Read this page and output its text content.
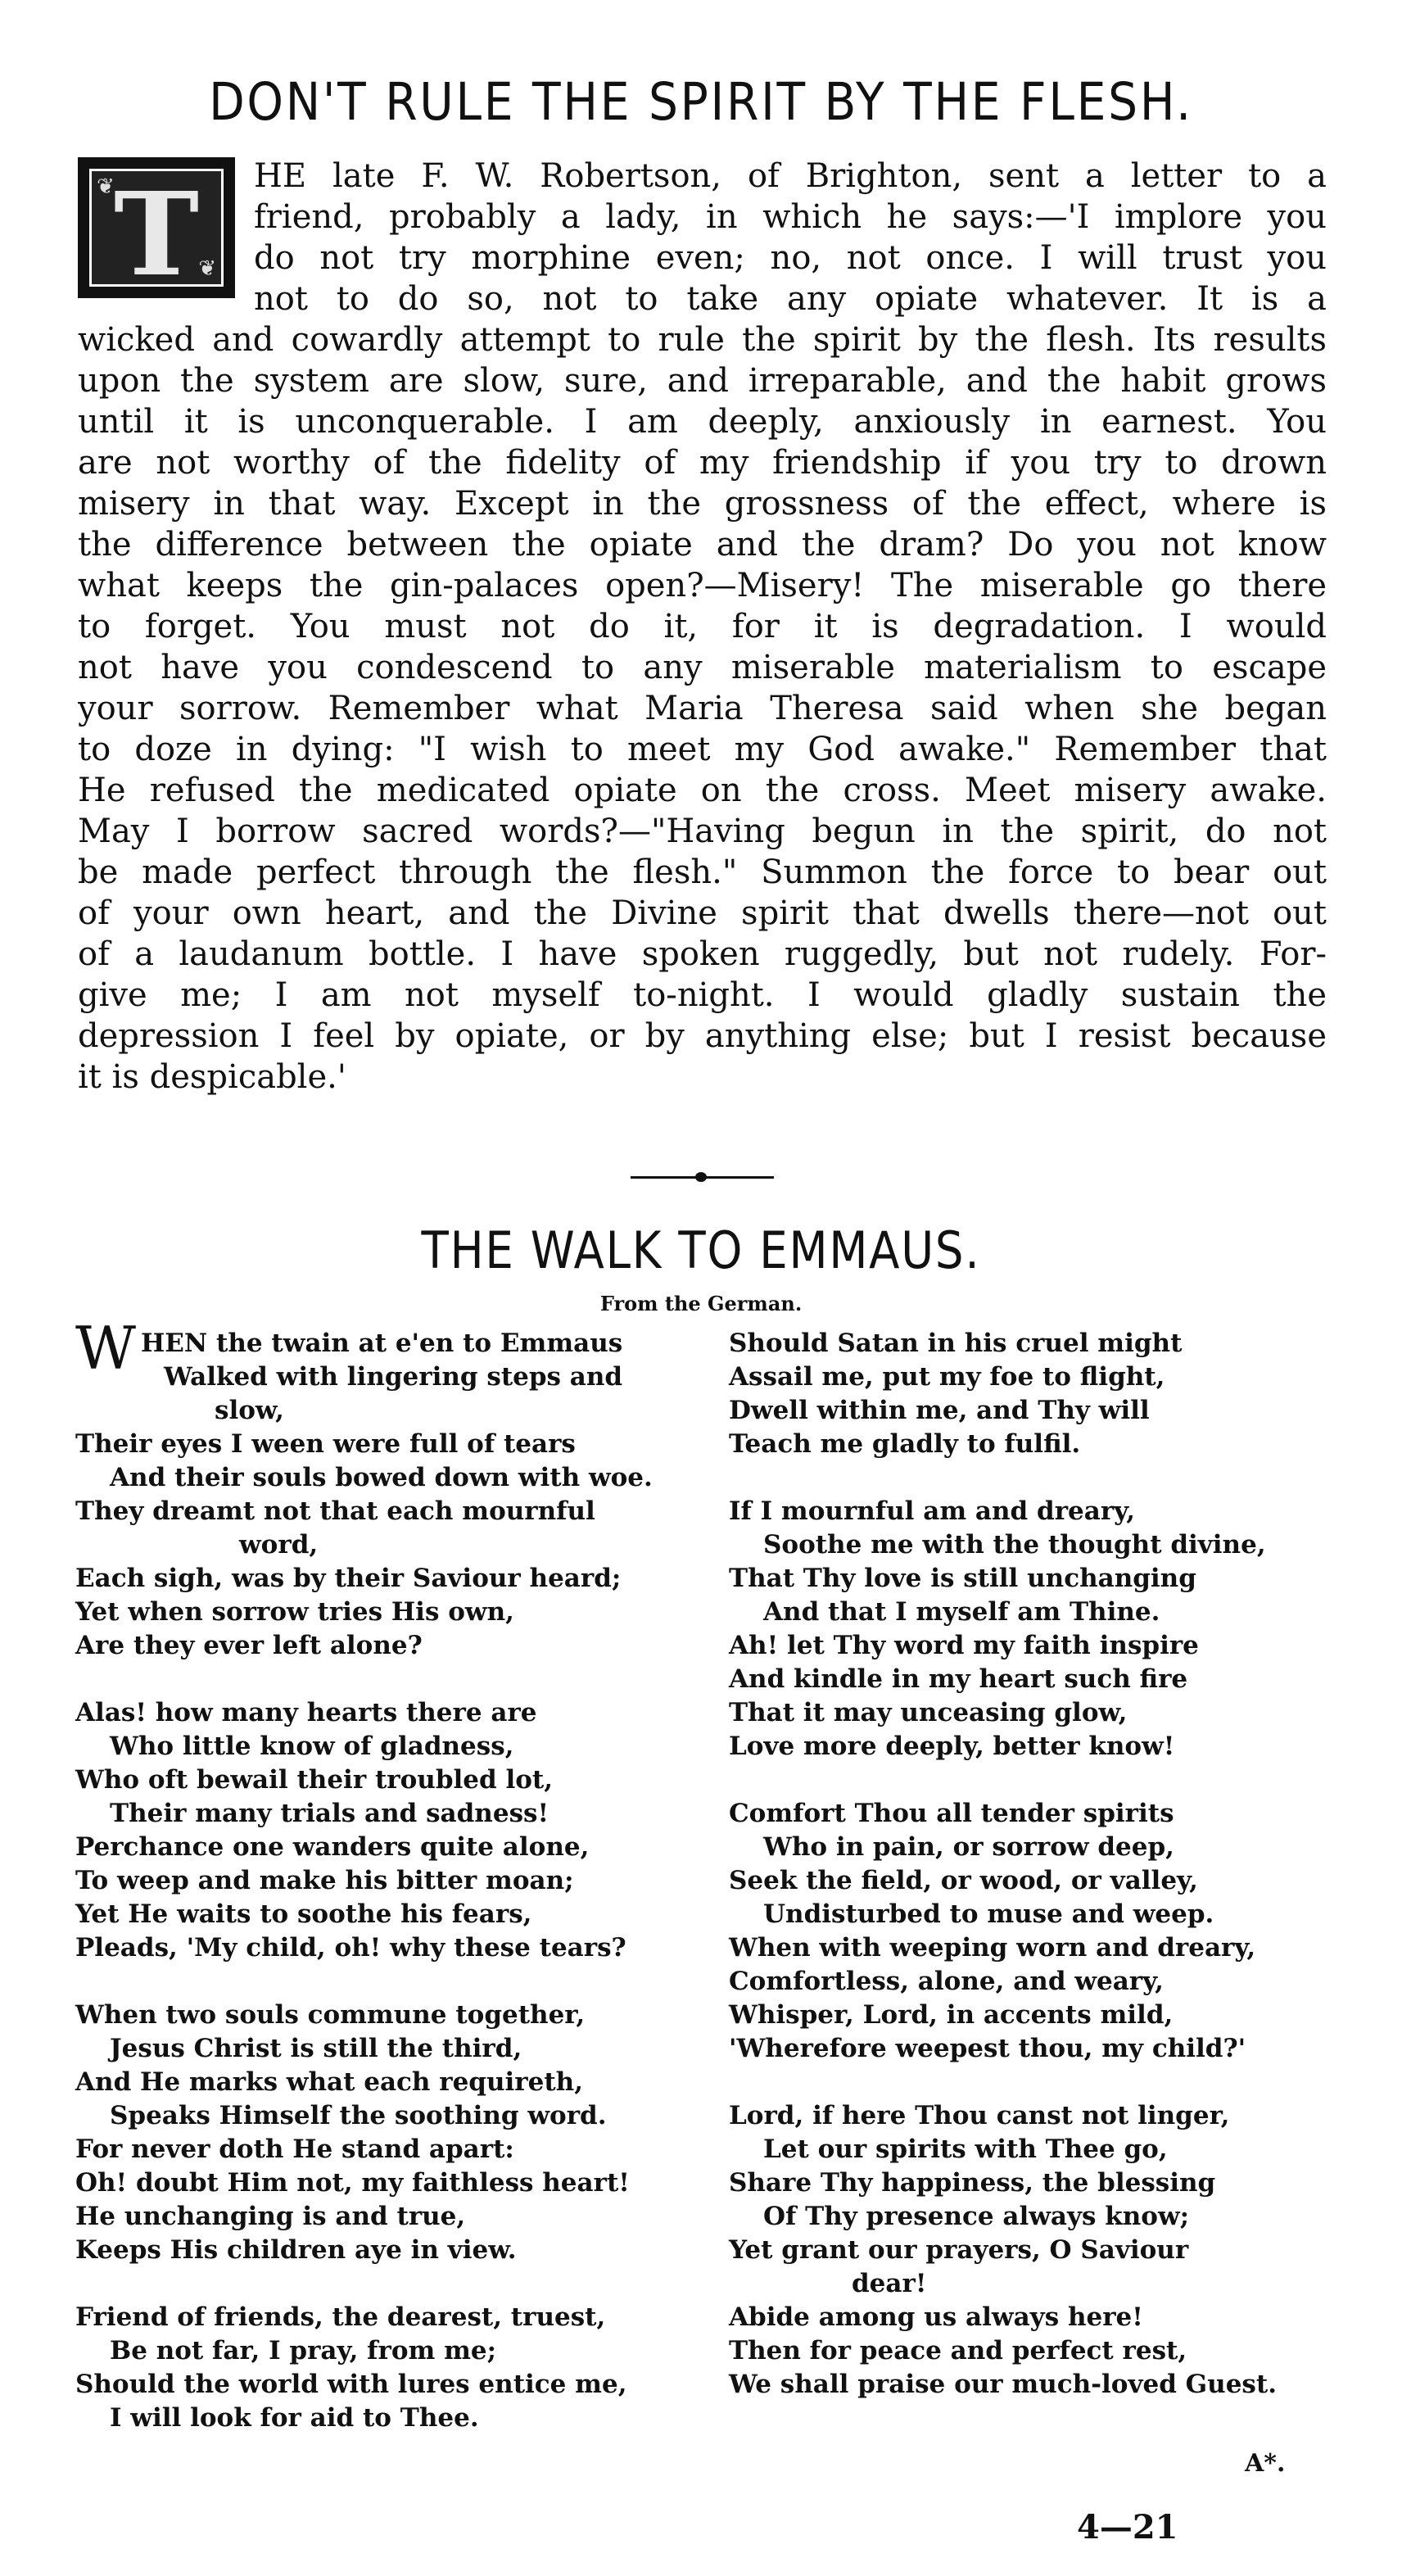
DON'T RULE THE SPIRIT BY THE FLESH.
T
❦
❦
HE late F. W. Robertson, of Brighton, sent a letter to a
friend, probably a lady, in which he says:—'I implore you
do not try morphine even; no, not once. I will trust you
not to do so, not to take any opiate whatever. It is a
wicked and cowardly attempt to rule the spirit by the flesh. Its results
upon the system are slow, sure, and irreparable, and the habit grows
until it is unconquerable. I am deeply, anxiously in earnest. You
are not worthy of the fidelity of my friendship if you try to drown
misery in that way. Except in the grossness of the effect, where is
the difference between the opiate and the dram? Do you not know
what keeps the gin-palaces open?—Misery! The miserable go there
to forget. You must not do it, for it is degradation. I would
not have you condescend to any miserable materialism to escape
your sorrow. Remember what Maria Theresa said when she began
to doze in dying: "I wish to meet my God awake." Remember that
He refused the medicated opiate on the cross. Meet misery awake.
May I borrow sacred words?—"Having begun in the spirit, do not
be made perfect through the flesh." Summon the force to bear out
of your own heart, and the Divine spirit that dwells there—not out
of a laudanum bottle. I have spoken ruggedly, but not rudely. For-
give me; I am not myself to-night. I would gladly sustain the
depression I feel by opiate, or by anything else; but I resist because
it is despicable.'
THE WALK TO EMMAUS.
From the German.
WHEN the twain at e'en to Emmaus
Walked with lingering steps and
slow,
Their eyes I ween were full of tears
And their souls bowed down with woe.
They dreamt not that each mournful
word,
Each sigh, was by their Saviour heard;
Yet when sorrow tries His own,
Are they ever left alone?
Alas! how many hearts there are
Who little know of gladness,
Who oft bewail their troubled lot,
Their many trials and sadness!
Perchance one wanders quite alone,
To weep and make his bitter moan;
Yet He waits to soothe his fears,
Pleads, 'My child, oh! why these tears?
When two souls commune together,
Jesus Christ is still the third,
And He marks what each requireth,
Speaks Himself the soothing word.
For never doth He stand apart:
Oh! doubt Him not, my faithless heart!
He unchanging is and true,
Keeps His children aye in view.
Friend of friends, the dearest, truest,
Be not far, I pray, from me;
Should the world with lures entice me,
I will look for aid to Thee.
Should Satan in his cruel might
Assail me, put my foe to flight,
Dwell within me, and Thy will
Teach me gladly to fulfil.
If I mournful am and dreary,
Soothe me with the thought divine,
That Thy love is still unchanging
And that I myself am Thine.
Ah! let Thy word my faith inspire
And kindle in my heart such fire
That it may unceasing glow,
Love more deeply, better know!
Comfort Thou all tender spirits
Who in pain, or sorrow deep,
Seek the field, or wood, or valley,
Undisturbed to muse and weep.
When with weeping worn and dreary,
Comfortless, alone, and weary,
Whisper, Lord, in accents mild,
'Wherefore weepest thou, my child?'
Lord, if here Thou canst not linger,
Let our spirits with Thee go,
Share Thy happiness, the blessing
Of Thy presence always know;
Yet grant our prayers, O Saviour
dear!
Abide among us always here!
Then for peace and perfect rest,
We shall praise our much-loved Guest.
A*.
4—21
